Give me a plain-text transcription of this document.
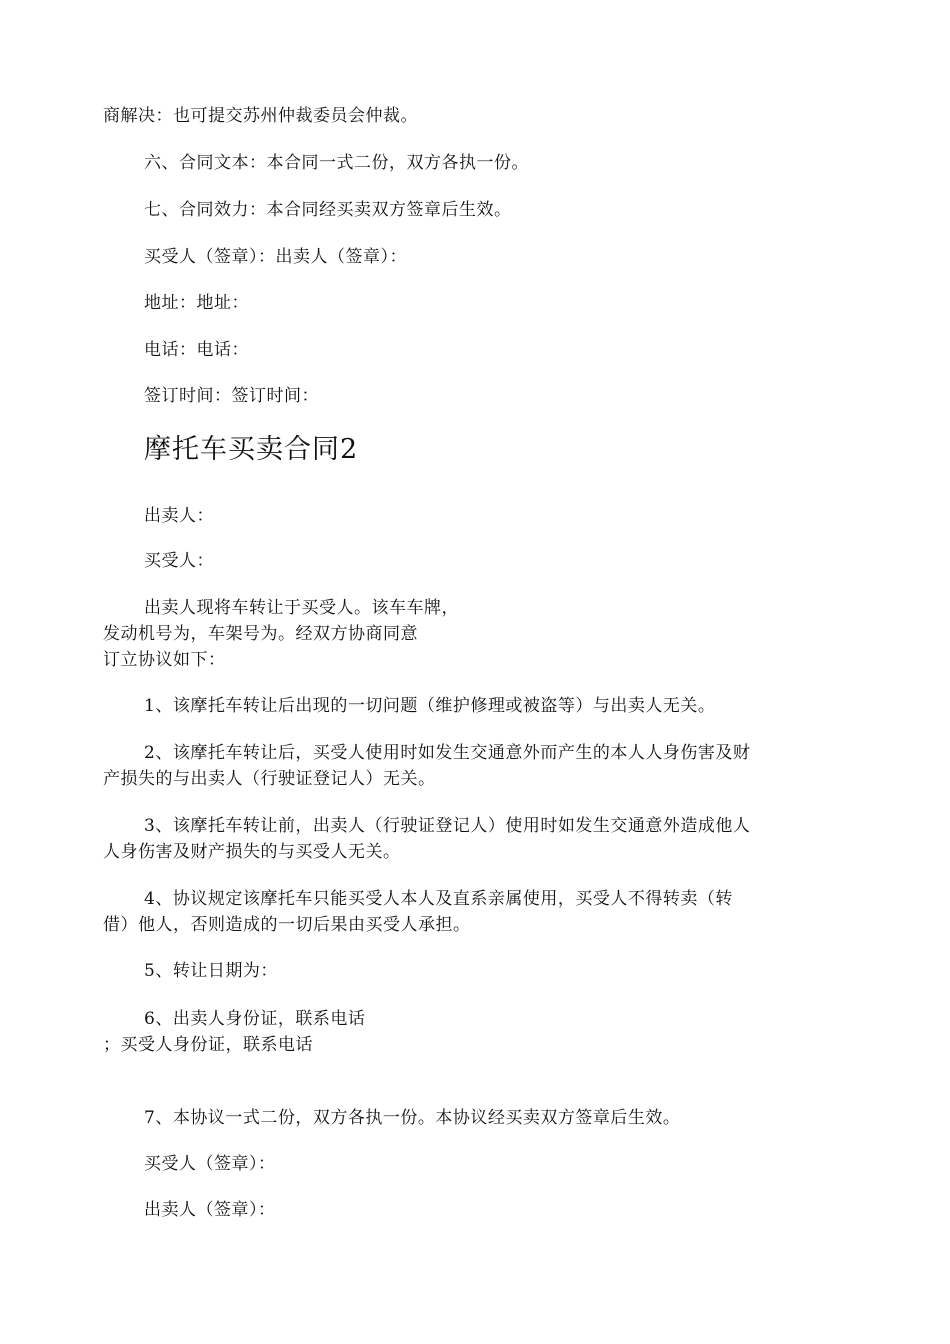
商解决：也可提交苏州仲裁委员会仲裁。
六、合同文本：本合同一式二份，双方各执一份。
七、合同效力：本合同经买卖双方签章后生效。
买受人（签章）：出卖人（签章）：
地址：地址：
电话：电话：
签订时间：签订时间：
摩托车买卖合同2
出卖人：
买受人：
出卖人现将车转让于买受人。该车车牌，
发动机号为，车架号为。经双方协商同意
订立协议如下：
1、该摩托车转让后出现的一切问题（维护修理或被盗等）与出卖人无关。
2、该摩托车转让后，买受人使用时如发生交通意外而产生的本人人身伤害及财
产损失的与出卖人（行驶证登记人）无关。
3、该摩托车转让前，出卖人（行驶证登记人）使用时如发生交通意外造成他人
人身伤害及财产损失的与买受人无关。
4、协议规定该摩托车只能买受人本人及直系亲属使用，买受人不得转卖（转
借）他人，否则造成的一切后果由买受人承担。
5、转让日期为：
6、出卖人身份证，联系电话
；买受人身份证，联系电话
7、本协议一式二份，双方各执一份。本协议经买卖双方签章后生效。
买受人（签章）：
出卖人（签章）：
